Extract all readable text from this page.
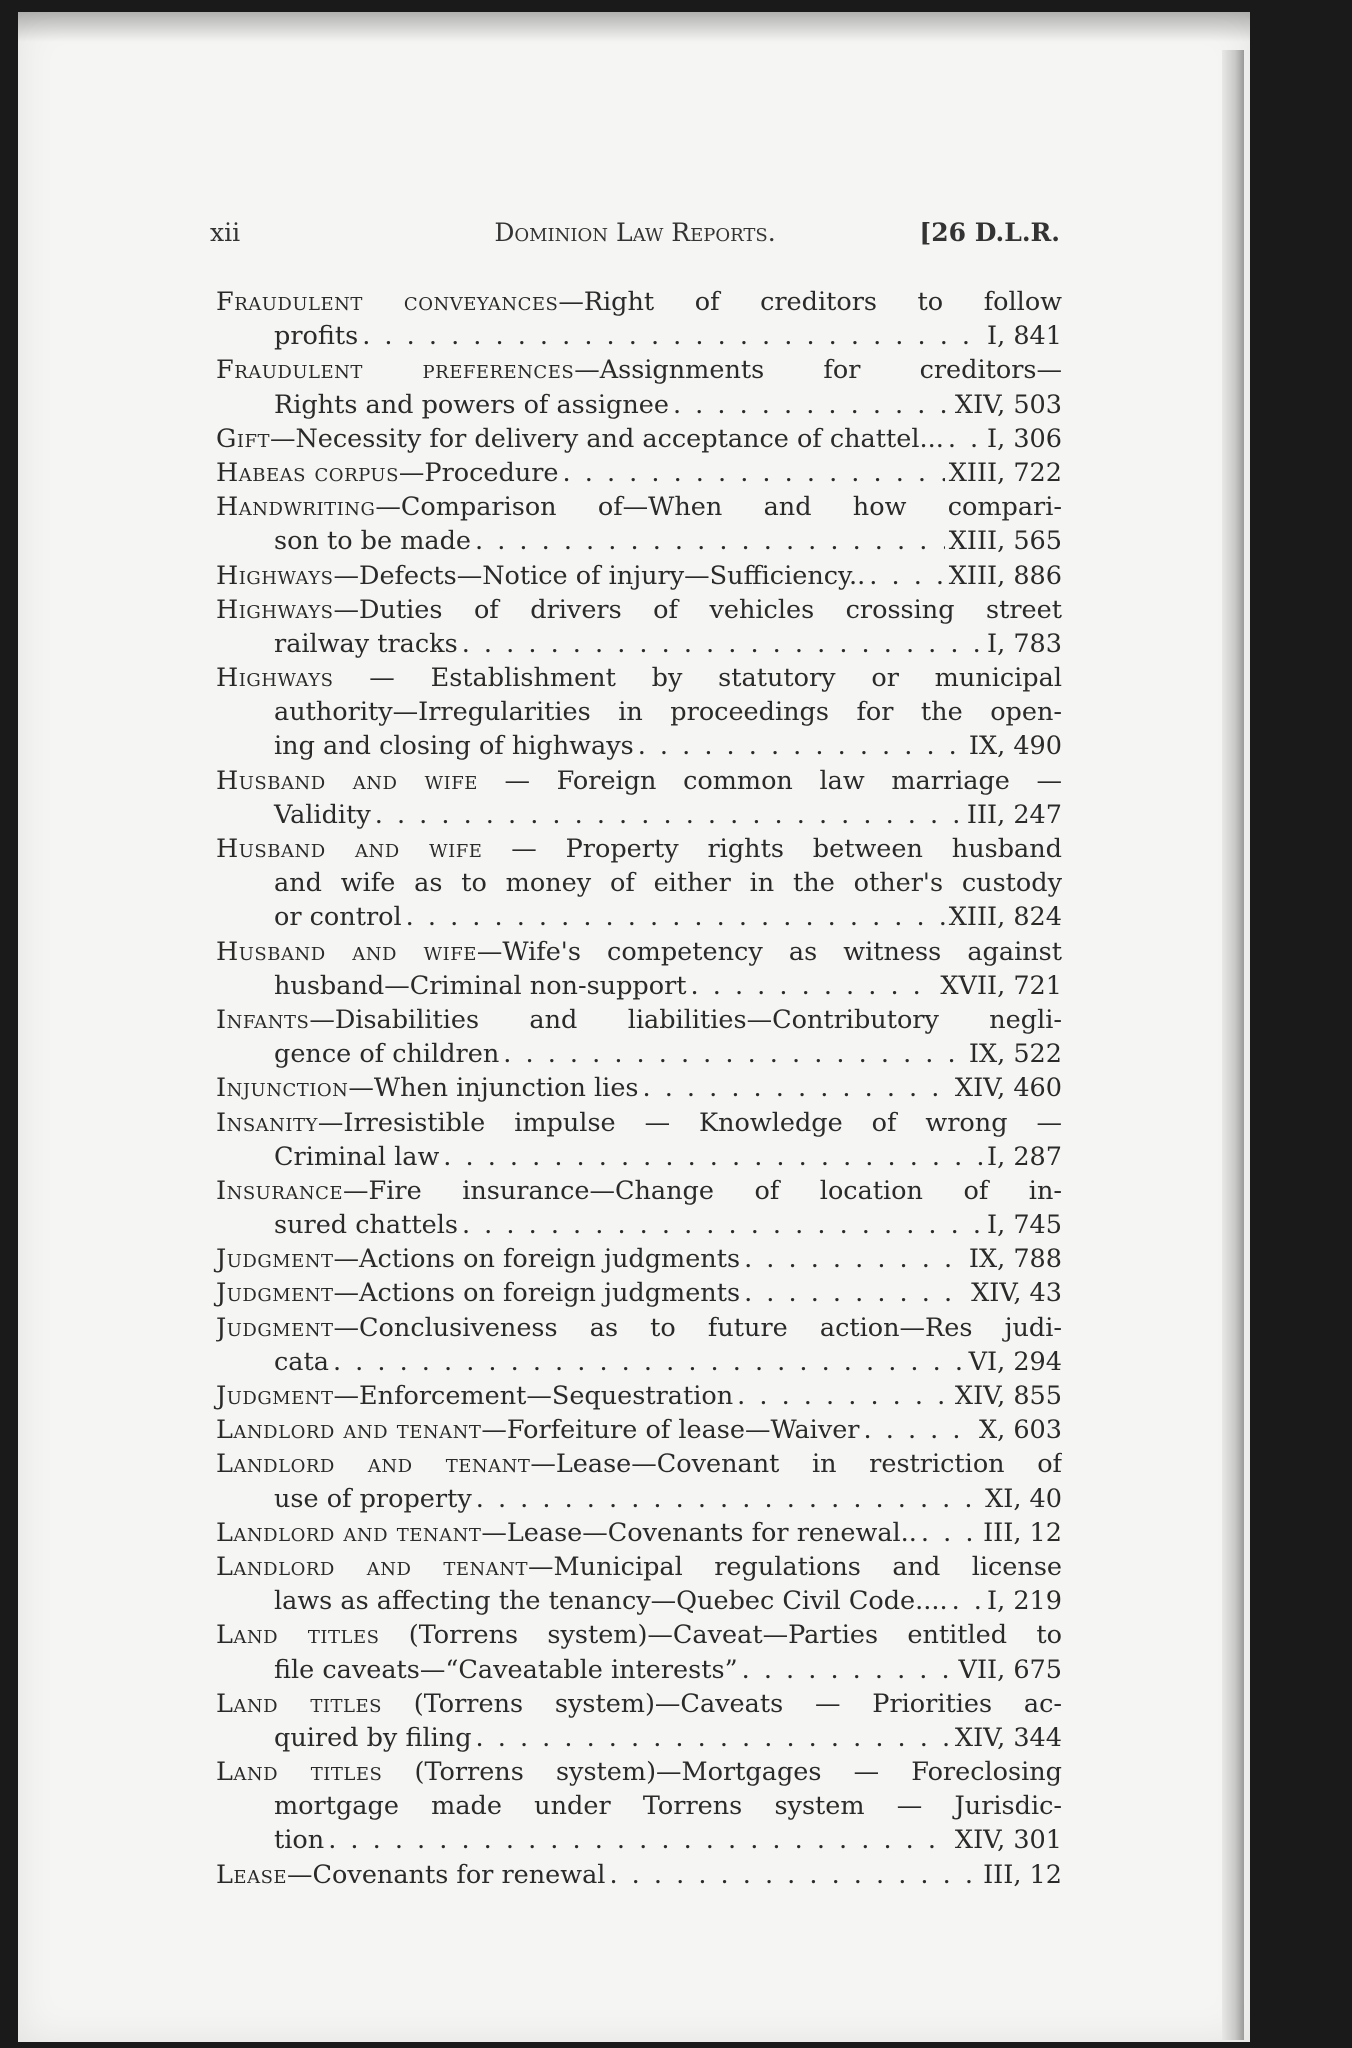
xii	Dominion Law Reports.	[26 D.L.R.
Fraudulent conveyances—Right of creditors to follow
profits . . .	I, 841
Fraudulent preferences—Assignments for creditors—
Rights and powers of assignee . . .	XIV, 503
Gift—Necessity for delivery and acceptance of chattel... . . . I, 306
Habeas corpus—Procedure . . .	XIII, 722
Handwriting—Comparison of—When and how compari-
son to be made . . .	XIII, 565
Highways—Defects—Notice of injury—Sufficiency.. . . .	XIII, 886
Highways—Duties of drivers of vehicles crossing street
railway tracks . . .	I, 783
Highways — Establishment by statutory or municipal
authority—Irregularities in proceedings for the open-
ing and closing of highways . . .	IX, 490
Husband and wife — Foreign common law marriage —
Validity . . .	III, 247
Husband and wife — Property rights between husband
and wife as to money of either in the other's custody
or control . . .	XIII, 824
Husband and wife—Wife's competency as witness against
husband—Criminal non-support . . .	XVII, 721
Infants—Disabilities and liabilities—Contributory negli-
gence of children . . .	IX, 522
Injunction—When injunction lies . . .	XIV, 460
Insanity—Irresistible impulse — Knowledge of wrong —
Criminal law . . .	I, 287
Insurance—Fire insurance—Change of location of in-
sured chattels . . .	I, 745
Judgment—Actions on foreign judgments . . .	IX, 788
Judgment—Actions on foreign judgments . . .	XIV, 43
Judgment—Conclusiveness as to future action—Res judi-
cata . . .	VI, 294
Judgment—Enforcement—Sequestration . . .	XIV, 855
Landlord and tenant—Forfeiture of lease—Waiver . . .	X, 603
Landlord and tenant—Lease—Covenant in restriction of
use of property . . .	XI, 40
Landlord and tenant—Lease—Covenants for renewal.. . . .	III, 12
Landlord and tenant—Municipal regulations and license
laws as affecting the tenancy—Quebec Civil Code.... . . . I, 219
Land titles (Torrens system)—Caveat—Parties entitled to
file caveats—“Caveatable interests” . . .	VII, 675
Land titles (Torrens system)—Caveats — Priorities ac-
quired by filing . . .	XIV, 344
Land titles (Torrens system)—Mortgages — Foreclosing
mortgage made under Torrens system — Jurisdic-
tion . . .	XIV, 301
Lease—Covenants for renewal . . .	III, 12
